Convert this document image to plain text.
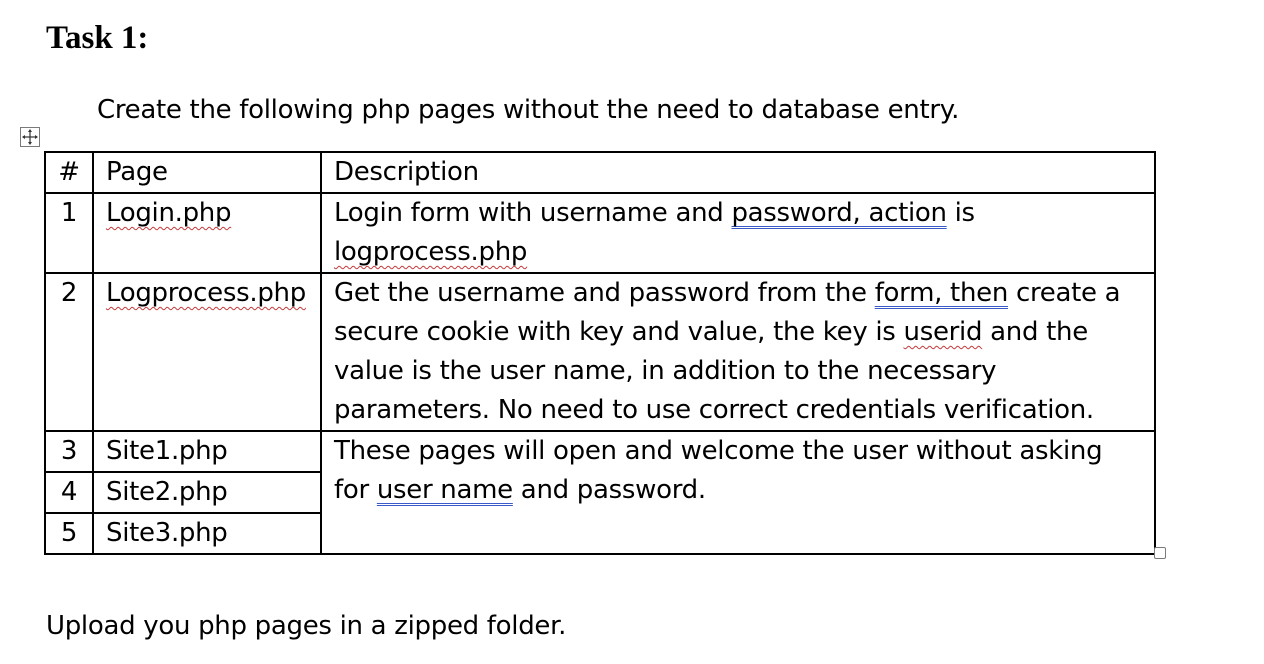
Task 1:
Create the following php pages without the need to database entry.
#	Page	Description
1	Login.php	Login form with username and password, action is
logprocess.php

2	Logprocess.php	Get the username and password from the form, then create a
secure cookie with key and value, the key is userid and the
value is the user name, in addition to the necessary
parameters. No need to use correct credentials verification.

3	Site1.php	These pages will open and welcome the user without asking
for user name and password.

4	Site2.php	
5	Site3.php	
Upload you php pages in a zipped folder.
